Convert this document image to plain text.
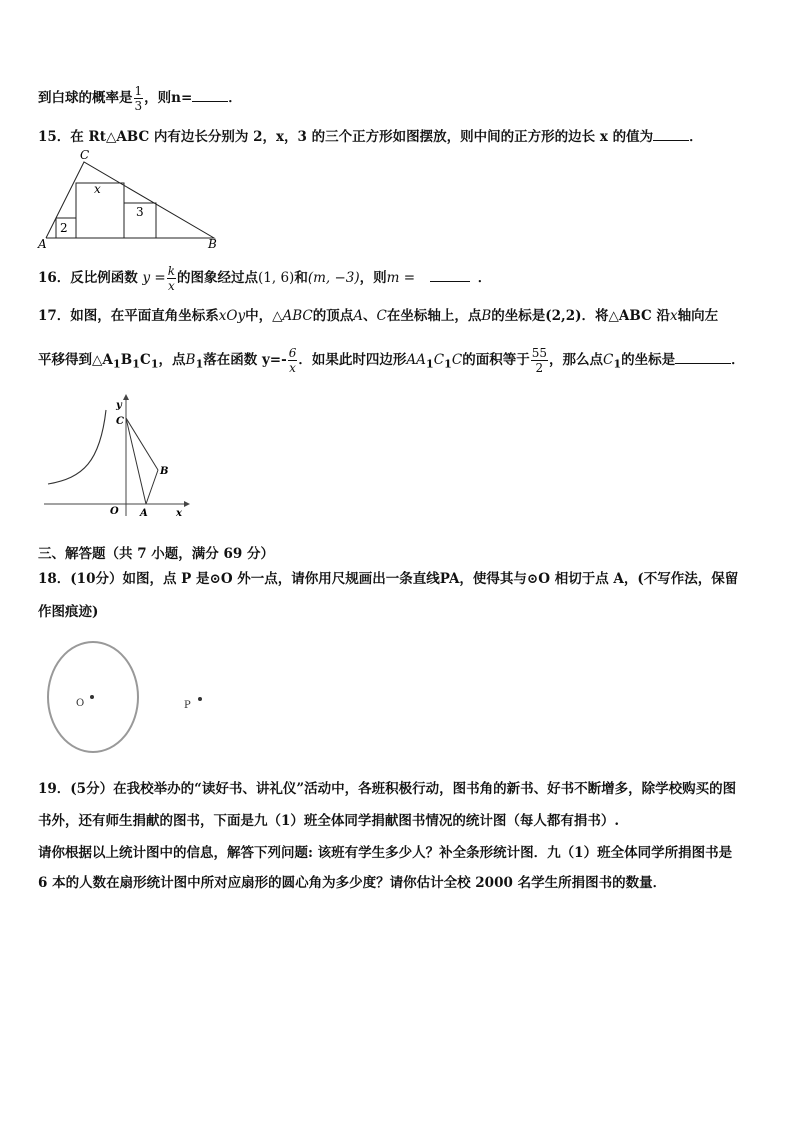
到白球的概率是 $\frac{1}{3}$ ，则n=	．
15．在 Rt△ABC 内有边长分别为 2，x，3 的三个正方形如图摆放，则中间的正方形的边长 x 的值为	．
C
A	B
x
2
3
16．反比例函数 $y = \frac{k}{x}$ 的图象经过点(1, 6)和(m, −3)，则m =	．
17．如图，在平面直角坐标系xOy中，△ABC的顶点A、C在坐标轴上，点B的坐标是(2,2)．将△ABC 沿x轴向左
平移得到$\triangle A_1B_1C_1$，点$B_1$落在函数 $y=- \frac{6}{x}$ ．如果此时四边形$AA_1C_1C$的面积等于 $\frac{55}{2}$ ，那么点$C_1$的坐标是	．
y
C
B
O A	x
三、解答题（共 7 小题，满分 69 分）
18．(10分）如图，点 P 是⊙O 外一点，请你用尺规画出一条直线PA，使得其与⊙O 相切于点 A，(不写作法，保留
作图痕迹)
O	P
19．(5分）在我校举办的“读好书、讲礼仪”活动中，各班积极行动，图书角的新书、好书不断增多，除学校购买的图
书外，还有师生捐献的图书，下面是九（1）班全体同学捐献图书情况的统计图（每人都有捐书）.
请你根据以上统计图中的信息，解答下列问题: 该班有学生多少人？补全条形统计图．九（1）班全体同学所捐图书是
6 本的人数在扇形统计图中所对应扇形的圆心角为多少度？请你估计全校 2000 名学生所捐图书的数量．
